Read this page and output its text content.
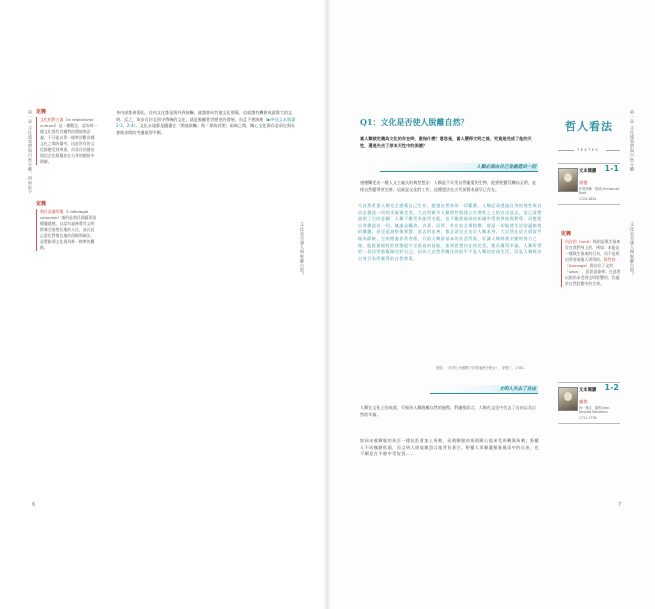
第一章 文化使我們與自然分離，同時給予
文化是否讓人類脫離自然？
6
定義
文化相對主義（le relativisme culturel）是一種概念，認為每一種文化都有其獨特的價值與意義，不可能以單一標準評斷各種文化之間的優劣。因此所有的文化都應受到尊重，而各自的風俗與信念也都應放在自身的脈絡中理解。
定義
殖民意識形態（L'idéologie coloniale）指的是殖民國藉著某種優越感，自認有義務將其文明推廣至被殖民地的人民，並以此正當化對殖民地的侵略與統治，是將歐洲文化視為唯一標準的觀點。
身內部都會弱化。任何文化都是與外界接觸，就越會向其他文化借鏡，也就越有機會成就偉大的文明。反之，故步自封且固守傳統的文化，就是脫離普世歷史的發展，而且不會演進（▶參見文本閱讀2-3、2-4）。文化永遠都是擺盪在「開放接觸」與「保持封閉」兩端之間，關心文化保存必須在與社會進步間的考慮取得平衡。
Q1：文化是否使人脫離自然？
當人類被定義為文化的存在時，意指什麼？意思是，當人變得文明之後，究竟是完成了他的天性，還是失去了原本天性中的美德？
人類必須由自己身創造出一切
康德闡述出一種人文主義式的典型想法：人類是不太受自然寵愛的生物，他要從蠻荒轉向文明，並使自然變得更完善。這就是文化的工作，這種想法在古代前賢本就早已存在。
大自然希望人類完全憑藉自己生存，超越自然界的一切範圍。人類必須透過自身的理性與自由去創造一切的幸福與完美。大自然賦予人類理性與建立在理性之上的自由意志，這已清楚說明了它的意圖：人類不應受本能所支配，也不應從現成的知識中得到供給與教導，而應從自身創造出一切。無論是糧食、衣著、居所、外在安全與防禦，或是一切能使生活舒適愉悅的樂趣，甚至是洞察與智慧、意志的良善，都必須完全出自人類本身。大自然在這方面似乎極為節儉，它的措施非常吝嗇，只給人類最基本的存活所需，好讓人類經歷辛勤的努力之後，能從最粗野的狀態提升至最高的技能，達到思想內在的完美，進而獲得幸福。人類所得的一切功勞都應歸功於自己，因為大自然所關注的似乎不是人類的安逸生活，而是人類經由自身行為所獲得的自我尊重。
康德，《世界公民觀點下的普遍歷史理念》，命題三，1784。
文明人失去了自由
人類在文化上的成就，可視為人類脫離自然的過程。對盧梭而言，人類在文化中失去了自由以及自然的幸福。
如同未被馴服的馬匹一樣抗拒著加上馬勒，而被馴服的馬則耐心地承受馬鞭與馬刺；野蠻人不向枷鎖低頭，而文明人則毫無怨言地背負著它。野蠻人寧願選擇暴風雨中的自由，也不願意在平靜中受奴役……
哲人看法
TEXTES
文本閱讀 1-1
康德
伊曼努爾・康德 Emmanuel Kant
1724-1804
定義
內在的（Inné）指的是與生俱來存在我們身上的，例如：本能是一種與生俱來的行為，而不是經由學習或後天習得的。野性的（Sauvage）源自拉丁文的「silva」，意思是森林；在此用以指尚未受到文明影響的、仍處於自然狀態中的生命。
文本閱讀 1-2
盧梭
尚－雅克．盧梭 Jean-Jacques Rousseau
1712-1778
第一章 文化使我們與自然分離
文化是否讓人類脫離自然？
7
